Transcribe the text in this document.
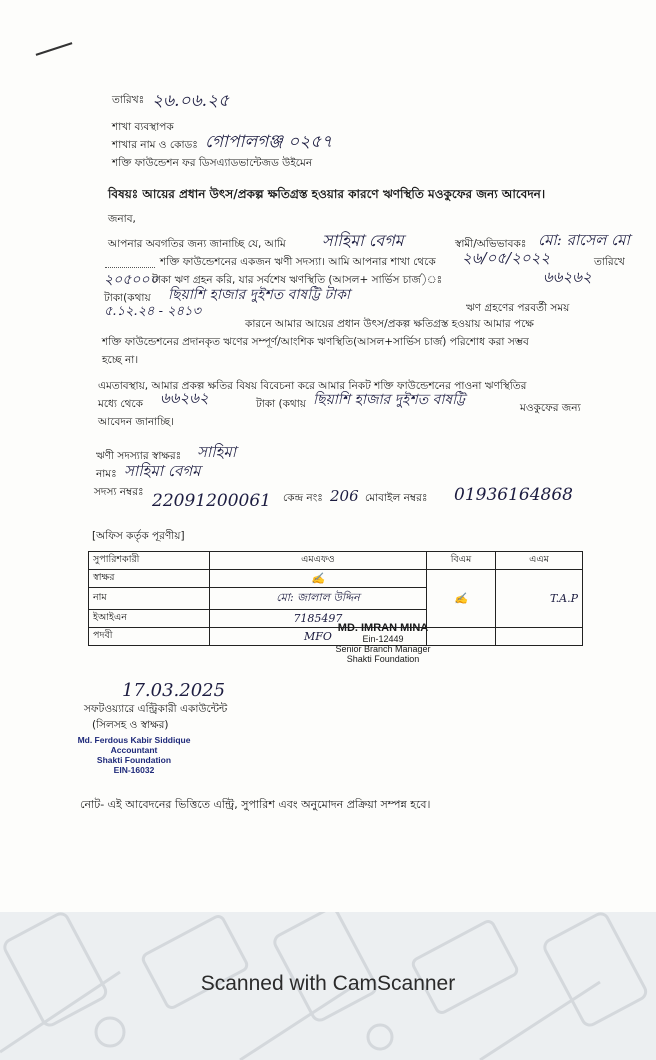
তারিখঃ ২৬.০৬.২৫
শাখা ব্যবস্থাপক
শাখার নাম ও কোডঃ গোপালগঞ্জ ০২৫৭
শক্তি ফাউন্ডেশন ফর ডিসএ্যাডভান্টেজড উইমেন
বিষয়ঃ আয়ের প্রধান উৎস/প্রকল্প ক্ষতিগ্রস্ত হওয়ার কারণে ঋণস্থিতি মওকুফের জন্য আবেদন।
জনাব,
আপনার অবগতির জন্য জানাচ্ছি যে, আমি সাহিমা বেগম	স্বামী/অভিভাবকঃ মো: রাসেল মো
শক্তি ফাউন্ডেশনের একজন ঋণী সদস্যা। আমি আপনার শাখা থেকে ২৬/০৫/২০২২	তারিখে
২০৫০০০
টাকা ঋণ গ্রহন করি, যার সর্বশেষ ঋণস্থিতি (আসল+ সার্ভিস চার্জ)ঃ	৬৬২৬২
টাকা(কথায় ছিয়াশি হাজার দুইশত বাষট্টি টাকা
ঋণ গ্রহণের পরবর্তী সময়
৫.১২.২৪ - ২৪১৩
কারনে আমার আয়ের প্রধান উৎস/প্রকল্প ক্ষতিগ্রস্ত হওয়ায় আমার পক্ষে
শক্তি ফাউন্ডেশনের প্রদানকৃত ঋণের সম্পূর্ণ/আংশিক ঋণস্থিতি(আসল+সার্ভিস চার্জ) পরিশোধ করা সম্ভব
হচ্ছে না।
এমতাবস্থায়, আমার প্রকল্প ক্ষতির বিষয় বিবেচনা করে আমার নিকট শক্তি ফাউন্ডেশনের পাওনা ঋণস্থিতির
মধ্যে থেকে ৬৬২৬২	টাকা (কথায় ছিয়াশি হাজার দুইশত বাষট্টি	মওকুফের জন্য
আবেদন জানাচ্ছি।
ঋণী সদস্যার স্বাক্ষরঃ সাহিমা
নামঃ সাহিমা বেগম
সদস্য নম্বরঃ 22091200061 কেন্দ্র নংঃ 206 মোবাইল নম্বরঃ 01936164868
[অফিস কর্তৃক পূরণীয়]
সুপারিশকারী	এমএফও	বিএম	এএম
স্বাক্ষর	✍	✍	T.A.P
নাম	মো: জালাল উদ্দিন		
ইআইএন	7185497		
পদবী	MFO		
MD. IMRAN MINA
Ein-12449
Senior Branch Manager
Shakti Foundation
17.03.2025
সফটওয়্যারে এন্ট্রিকারী একাউন্টেন্ট
(সিলসহ ও স্বাক্ষর)
Md. Ferdous Kabir Siddique
Accountant
Shakti Foundation
EIN-16032
নোট- এই আবেদনের ভিত্তিতে এন্ট্রি, সুপারিশ এবং অনুমোদন প্রক্রিয়া সম্পন্ন হবে।
Scanned with CamScanner
